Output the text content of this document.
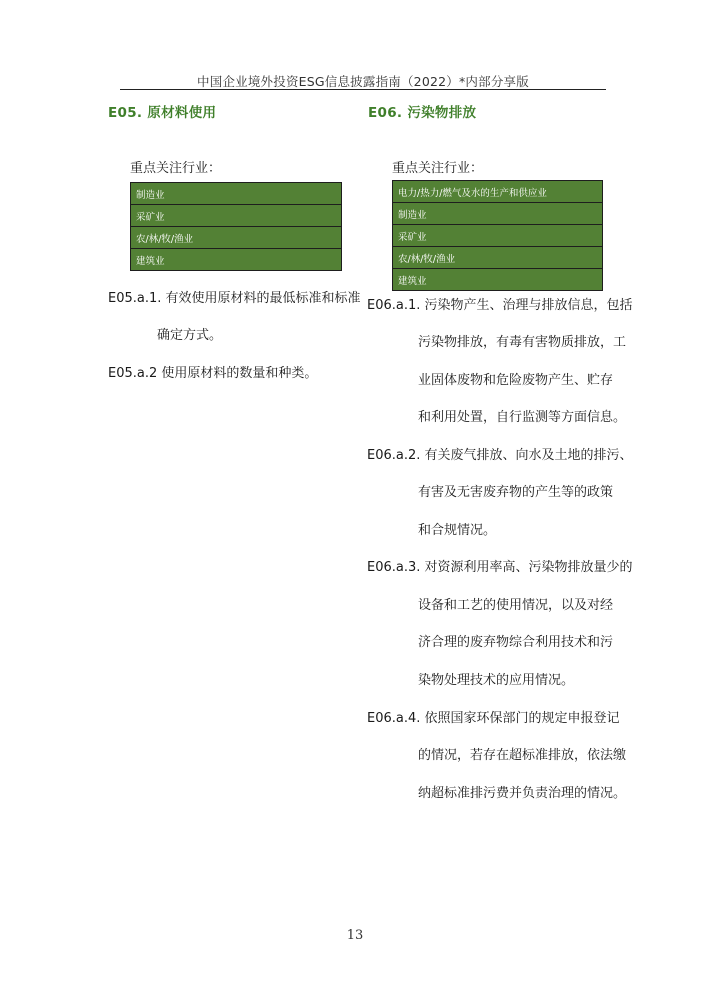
中国企业境外投资ESG信息披露指南（2022）*内部分享版
E05. 原材料使用
重点关注行业：
制造业
采矿业
农/林/牧/渔业
建筑业
E05.a.1. 有效使用原材料的最低标准和标准
确定方式。
E05.a.2 使用原材料的数量和种类。
E06. 污染物排放
重点关注行业：
电力/热力/燃气及水的生产和供应业
制造业
采矿业
农/林/牧/渔业
建筑业
E06.a.1. 污染物产生、治理与排放信息，包括
污染物排放，有毒有害物质排放，工
业固体废物和危险废物产生、贮存
和利用处置，自行监测等方面信息。
E06.a.2. 有关废气排放、向水及土地的排污、
有害及无害废弃物的产生等的政策
和合规情况。
E06.a.3. 对资源利用率高、污染物排放量少的
设备和工艺的使用情况，以及对经
济合理的废弃物综合利用技术和污
染物处理技术的应用情况。
E06.a.4. 依照国家环保部门的规定申报登记
的情况，若存在超标准排放，依法缴
纳超标准排污费并负责治理的情况。
13
